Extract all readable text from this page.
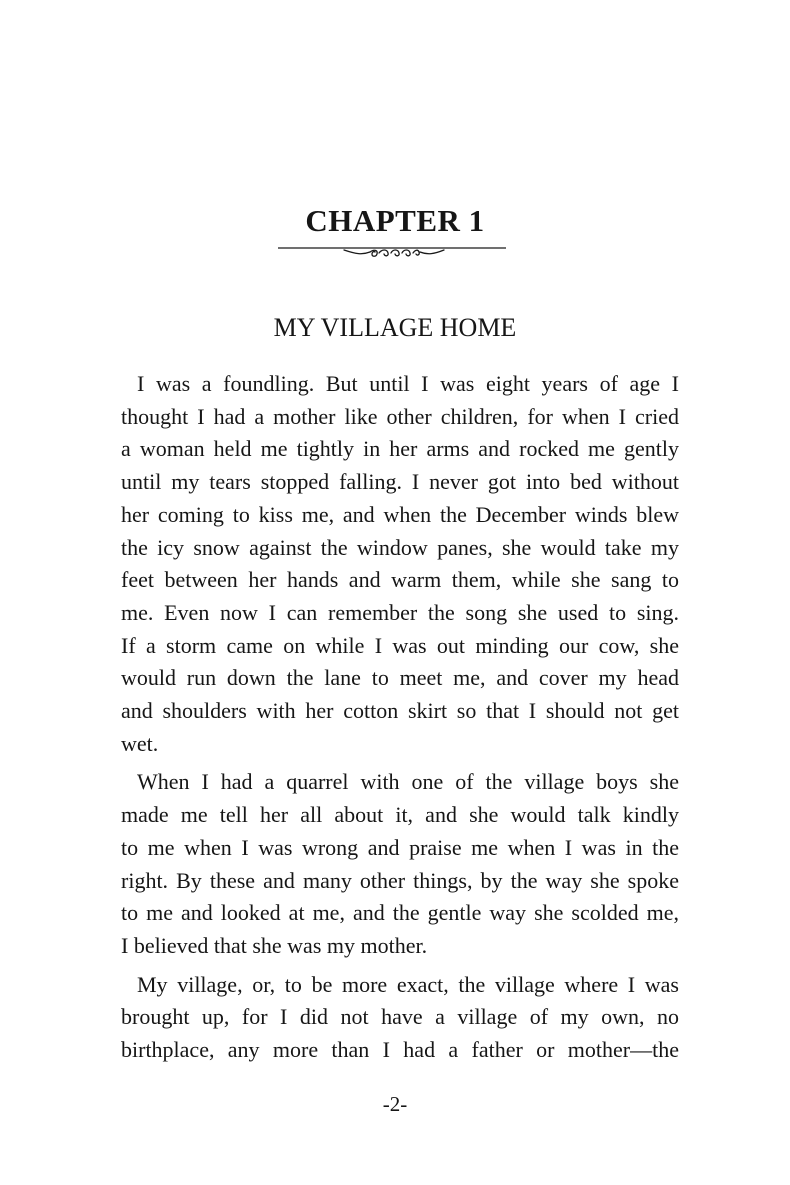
CHAPTER 1
MY VILLAGE HOME

I was a foundling. But until I was eight years of age I
thought I had a mother like other children, for when I cried
a woman held me tightly in her arms and rocked me gently
until my tears stopped falling. I never got into bed without
her coming to kiss me, and when the December winds blew
the icy snow against the window panes, she would take my
feet between her hands and warm them, while she sang to
me. Even now I can remember the song she used to sing.
If a storm came on while I was out minding our cow, she
would run down the lane to meet me, and cover my head
and shoulders with her cotton skirt so that I should not get
wet.

When I had a quarrel with one of the village boys she
made me tell her all about it, and she would talk kindly
to me when I was wrong and praise me when I was in the
right. By these and many other things, by the way she spoke
to me and looked at me, and the gentle way she scolded me,
I believed that she was my mother.

My village, or, to be more exact, the village where I was
brought up, for I did not have a village of my own, no
birthplace, any more than I had a father or mother—the

-2-
